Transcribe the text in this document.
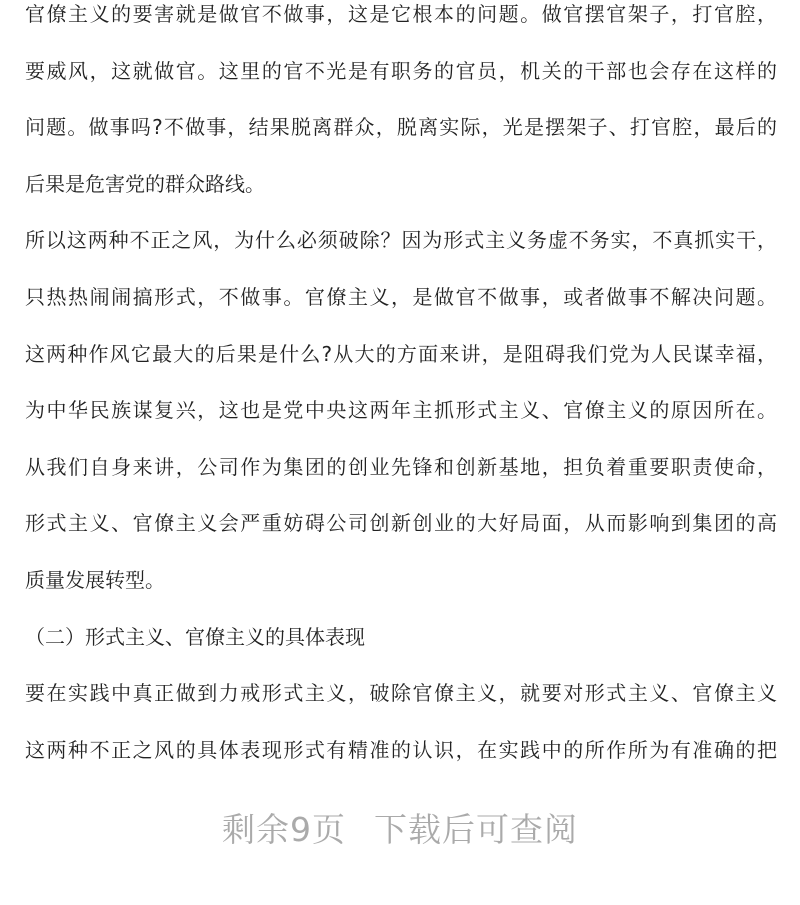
官僚主义的要害就是做官不做事，这是它根本的问题。做官摆官架子，打官腔，
要威风，这就做官。这里的官不光是有职务的官员，机关的干部也会存在这样的
问题。做事吗?不做事，结果脱离群众，脱离实际，光是摆架子、打官腔，最后的
后果是危害党的群众路线。
所以这两种不正之风，为什么必须破除？因为形式主义务虚不务实，不真抓实干，
只热热闹闹搞形式，不做事。官僚主义，是做官不做事，或者做事不解决问题。
这两种作风它最大的后果是什么?从大的方面来讲，是阻碍我们党为人民谋幸福，
为中华民族谋复兴，这也是党中央这两年主抓形式主义、官僚主义的原因所在。
从我们自身来讲，公司作为集团的创业先锋和创新基地，担负着重要职责使命，
形式主义、官僚主义会严重妨碍公司创新创业的大好局面，从而影响到集团的高
质量发展转型。
（二）形式主义、官僚主义的具体表现
要在实践中真正做到力戒形式主义，破除官僚主义，就要对形式主义、官僚主义
这两种不正之风的具体表现形式有精准的认识，在实践中的所作所为有准确的把
剩余9页 下载后可查阅
